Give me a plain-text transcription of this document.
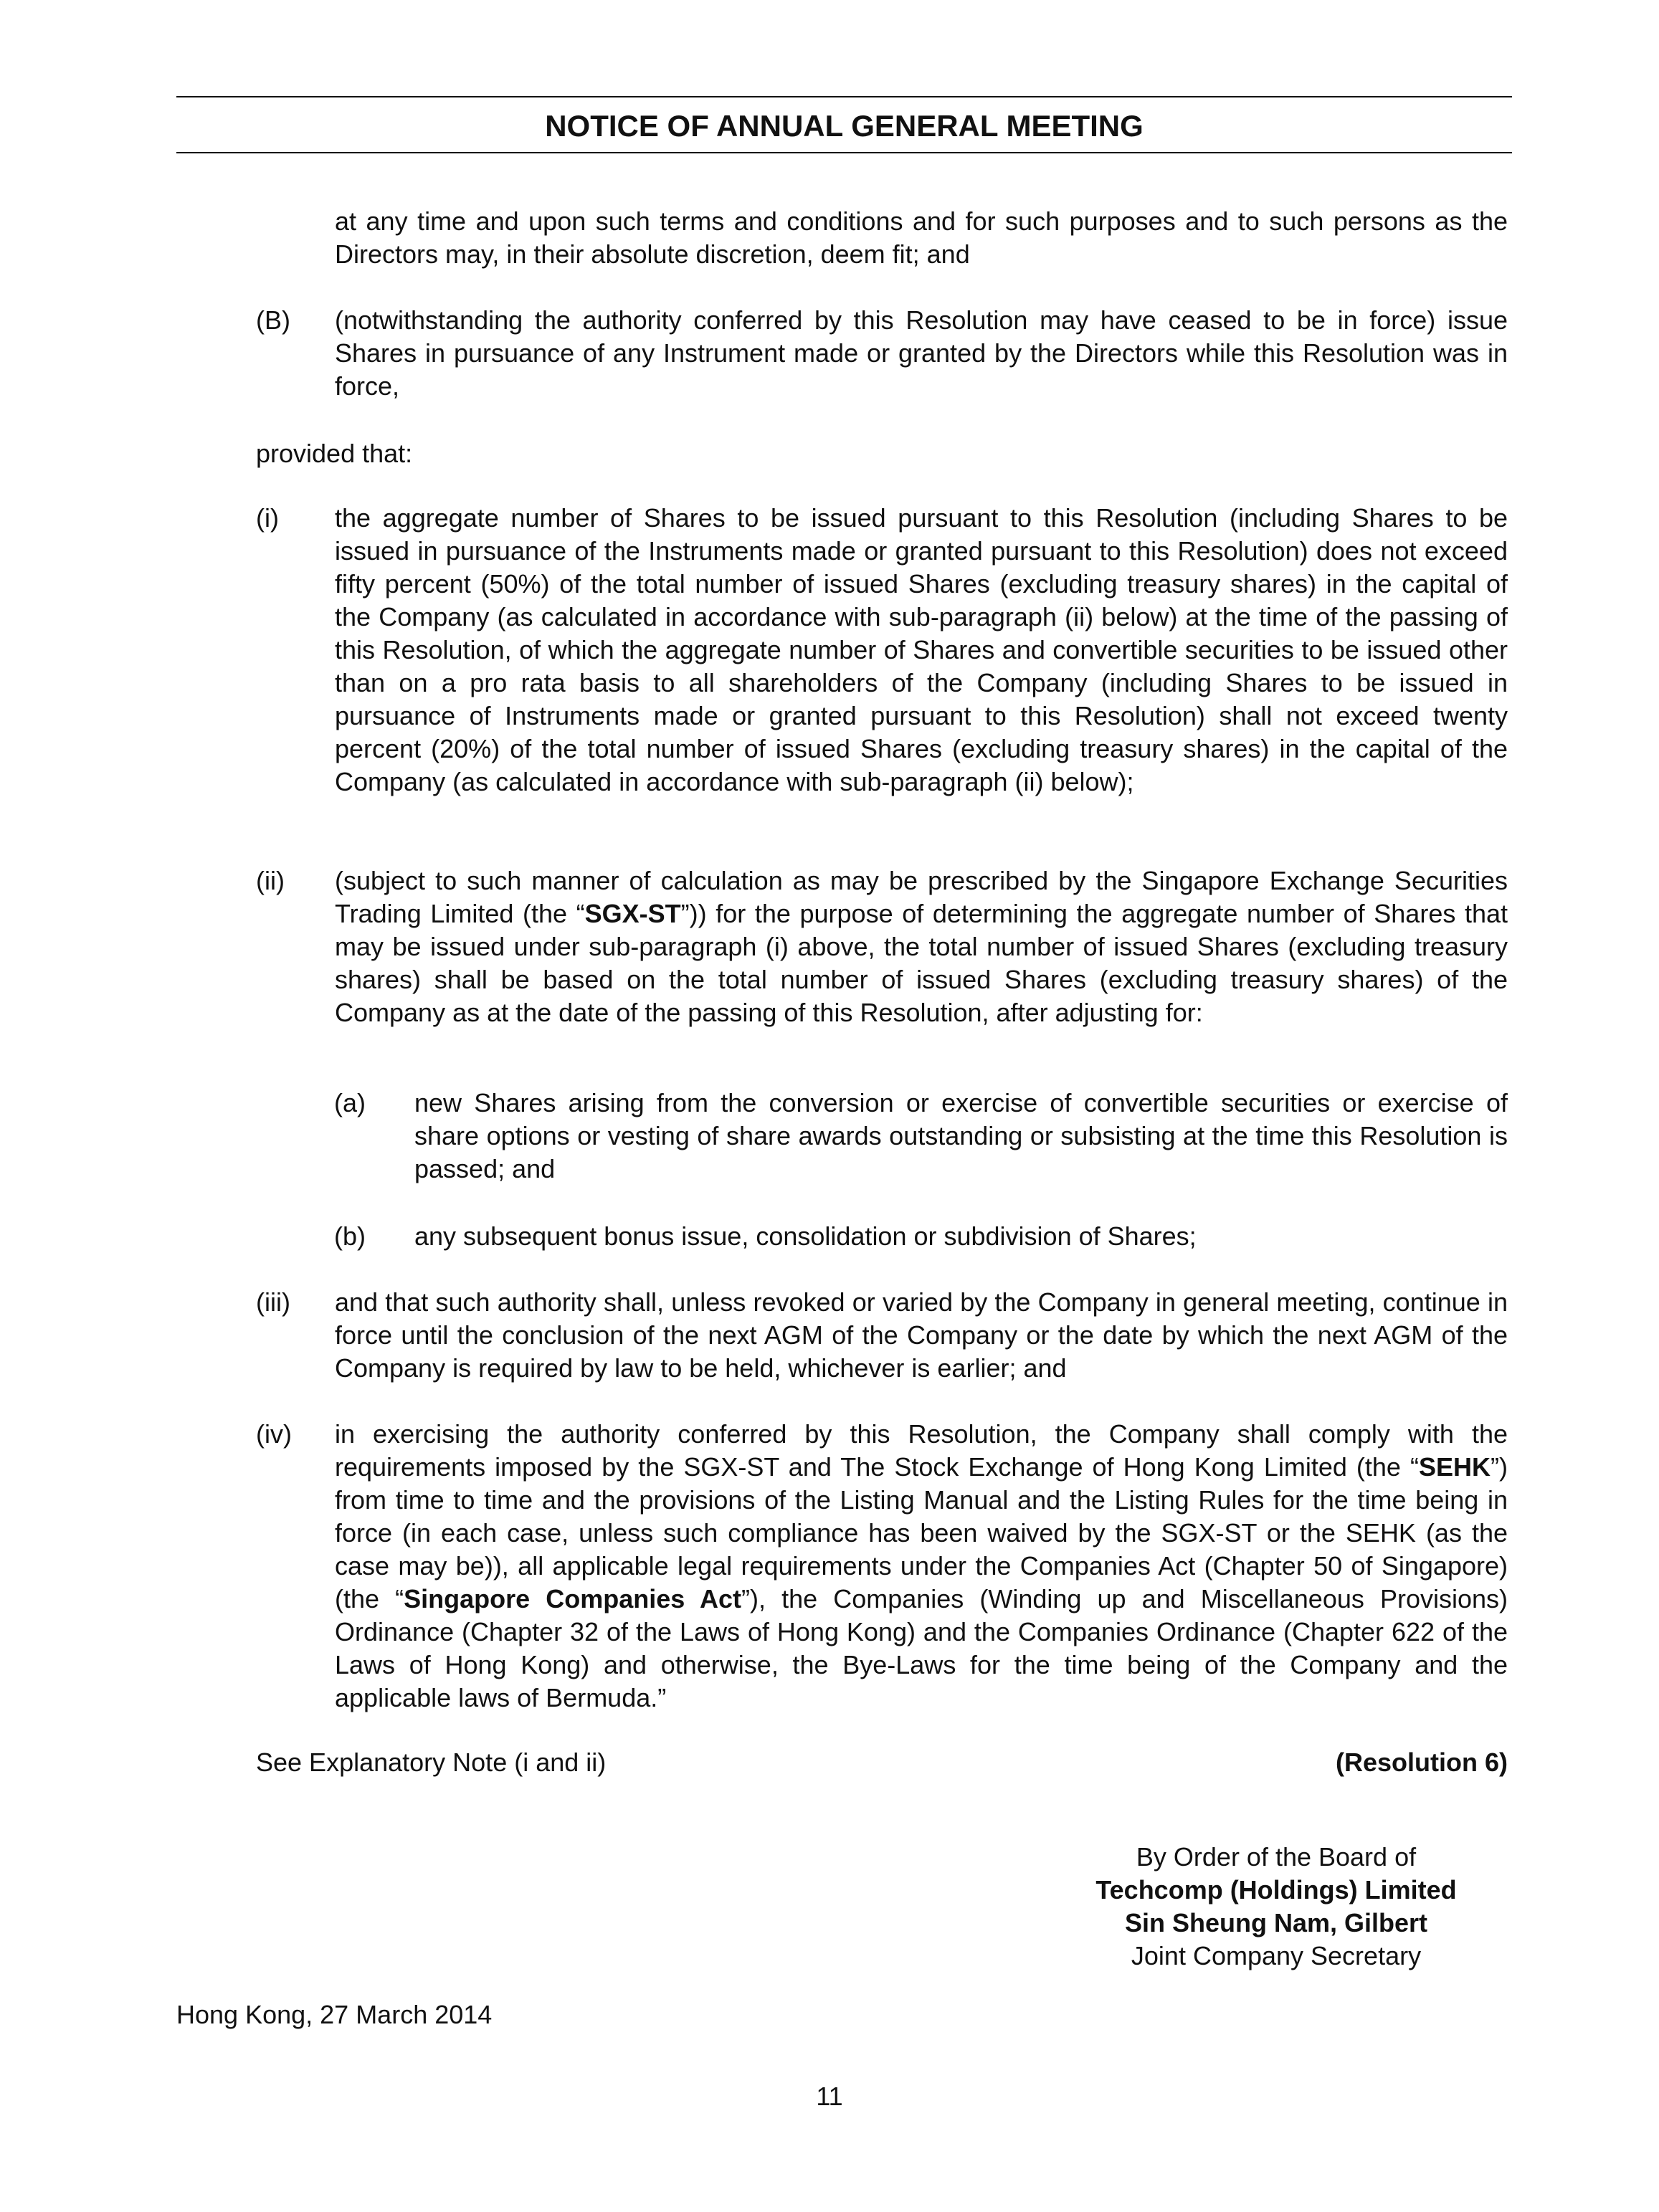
NOTICE OF ANNUAL GENERAL MEETING

at any time and upon such terms and conditions and for such purposes and to such persons as the Directors may, in their absolute discretion, deem fit; and

(B) (notwithstanding the authority conferred by this Resolution may have ceased to be in force) issue Shares in pursuance of any Instrument made or granted by the Directors while this Resolution was in force,

provided that:

(i) the aggregate number of Shares to be issued pursuant to this Resolution (including Shares to be issued in pursuance of the Instruments made or granted pursuant to this Resolution) does not exceed fifty percent (50%) of the total number of issued Shares (excluding treasury shares) in the capital of the Company (as calculated in accordance with sub-paragraph (ii) below) at the time of the passing of this Resolution, of which the aggregate number of Shares and convertible securities to be issued other than on a pro rata basis to all shareholders of the Company (including Shares to be issued in pursuance of Instruments made or granted pursuant to this Resolution) shall not exceed twenty percent (20%) of the total number of issued Shares (excluding treasury shares) in the capital of the Company (as calculated in accordance with sub-paragraph (ii) below);
(ii) (subject to such manner of calculation as may be prescribed by the Singapore Exchange Securities Trading Limited (the “SGX-ST”)) for the purpose of determining the aggregate number of Shares that may be issued under sub-paragraph (i) above, the total number of issued Shares (excluding treasury shares) shall be based on the total number of issued Shares (excluding treasury shares) of the Company as at the date of the passing of this Resolution, after adjusting for:
(a) new Shares arising from the conversion or exercise of convertible securities or exercise of share options or vesting of share awards outstanding or subsisting at the time this Resolution is passed; and
(b) any subsequent bonus issue, consolidation or subdivision of Shares;
(iii) and that such authority shall, unless revoked or varied by the Company in general meeting, continue in force until the conclusion of the next AGM of the Company or the date by which the next AGM of the Company is required by law to be held, whichever is earlier; and
(iv) in exercising the authority conferred by this Resolution, the Company shall comply with the requirements imposed by the SGX-ST and The Stock Exchange of Hong Kong Limited (the “SEHK”) from time to time and the provisions of the Listing Manual and the Listing Rules for the time being in force (in each case, unless such compliance has been waived by the SGX-ST or the SEHK (as the case may be)), all applicable legal requirements under the Companies Act (Chapter 50 of Singapore) (the “Singapore Companies Act”), the Companies (Winding up and Miscellaneous Provisions) Ordinance (Chapter 32 of the Laws of Hong Kong) and the Companies Ordinance (Chapter 622 of the Laws of Hong Kong) and otherwise, the Bye-Laws for the time being of the Company and the applicable laws of Bermuda.”
See Explanatory Note (i and ii)	(Resolution 6)
By Order of the Board of
Techcomp (Holdings) Limited
Sin Sheung Nam, Gilbert
Joint Company Secretary
Hong Kong, 27 March 2014
11
